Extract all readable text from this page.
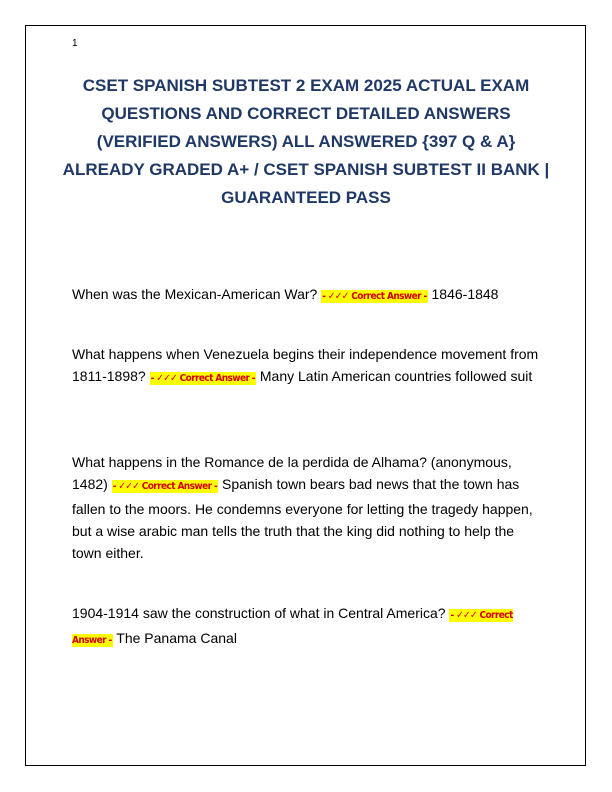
1
CSET SPANISH SUBTEST 2 EXAM 2025 ACTUAL EXAM QUESTIONS AND CORRECT DETAILED ANSWERS (VERIFIED ANSWERS) ALL ANSWERED {397 Q & A} ALREADY GRADED A+ / CSET SPANISH SUBTEST II BANK | GUARANTEED PASS

When was the Mexican-American War? - ✓✓✓ Correct Answer - 1846-1848

What happens when Venezuela begins their independence movement from 1811-1898? - ✓✓✓ Correct Answer - Many Latin American countries followed suit

What happens in the Romance de la perdida de Alhama? (anonymous, 1482) - ✓✓✓ Correct Answer - Spanish town bears bad news that the town has fallen to the moors. He condemns everyone for letting the tragedy happen, but a wise arabic man tells the truth that the king did nothing to help the town either.

1904-1914 saw the construction of what in Central America? - ✓✓✓ Correct Answer - The Panama Canal
